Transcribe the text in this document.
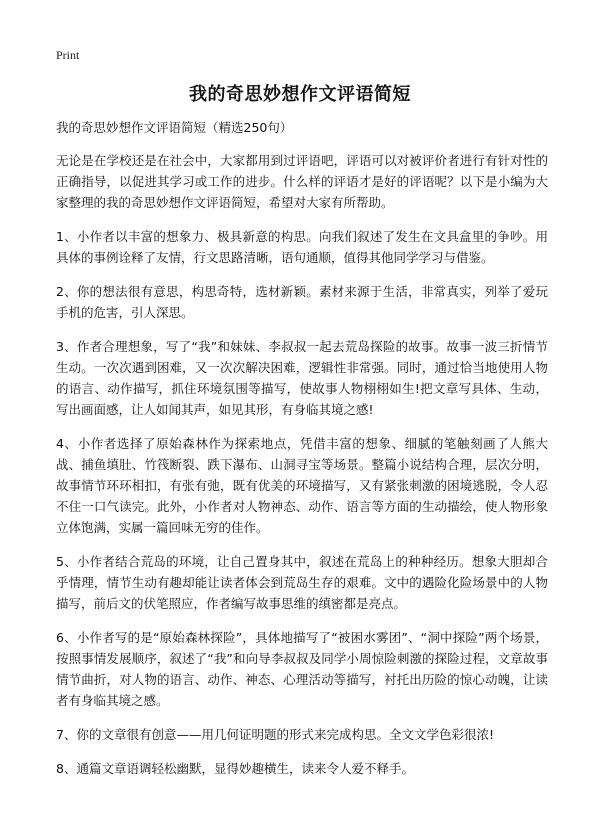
Print
我的奇思妙想作文评语简短

我的奇思妙想作文评语简短（精选250句）

无论是在学校还是在社会中，大家都用到过评语吧，评语可以对被评价者进行有针对性的正确指导，以促进其学习或工作的进步。什么样的评语才是好的评语呢？以下是小编为大家整理的我的奇思妙想作文评语简短，希望对大家有所帮助。

1、小作者以丰富的想象力、极具新意的构思。向我们叙述了发生在文具盒里的争吵。用具体的事例诠释了友情，行文思路清晰，语句通顺，值得其他同学学习与借鉴。

2、你的想法很有意思，构思奇特，选材新颖。素材来源于生活，非常真实，列举了爱玩手机的危害，引人深思。

3、作者合理想象，写了“我”和妹妹、李叔叔一起去荒岛探险的故事。故事一波三折情节生动。一次次遇到困难，又一次次解决困难，逻辑性非常强。同时，通过恰当地使用人物的语言、动作描写，抓住环境氛围等描写，使故事人物栩栩如生!把文章写具体、生动，写出画面感，让人如闻其声，如见其形，有身临其境之感!

4、小作者选择了原始森林作为探索地点，凭借丰富的想象、细腻的笔触刻画了人熊大战、捕鱼填肚、竹筏断裂、跌下瀑布、山洞寻宝等场景。整篇小说结构合理，层次分明，故事情节环环相扣，有张有弛，既有优美的环境描写，又有紧张刺激的困境逃脱，令人忍不住一口气读完。此外，小作者对人物神态、动作、语言等方面的生动描绘，使人物形象立体饱满，实属一篇回味无穷的佳作。

5、小作者结合荒岛的环境，让自己置身其中，叙述在荒岛上的种种经历。想象大胆却合乎情理，情节生动有趣却能让读者体会到荒岛生存的艰难。文中的遇险化险场景中的人物描写，前后文的伏笔照应，作者编写故事思维的缜密都是亮点。

6、小作者写的是“原始森林探险”，具体地描写了“被困水雾团”、“洞中探险”两个场景，按照事情发展顺序，叙述了“我”和向导李叔叔及同学小周惊险刺激的探险过程，文章故事情节曲折，对人物的语言、动作、神态、心理活动等描写，衬托出历险的惊心动魄，让读者有身临其境之感。

7、你的文章很有创意——用几何证明题的形式来完成构思。全文文学色彩很浓!

8、通篇文章语调轻松幽默，显得妙趣横生，读来令人爱不释手。
